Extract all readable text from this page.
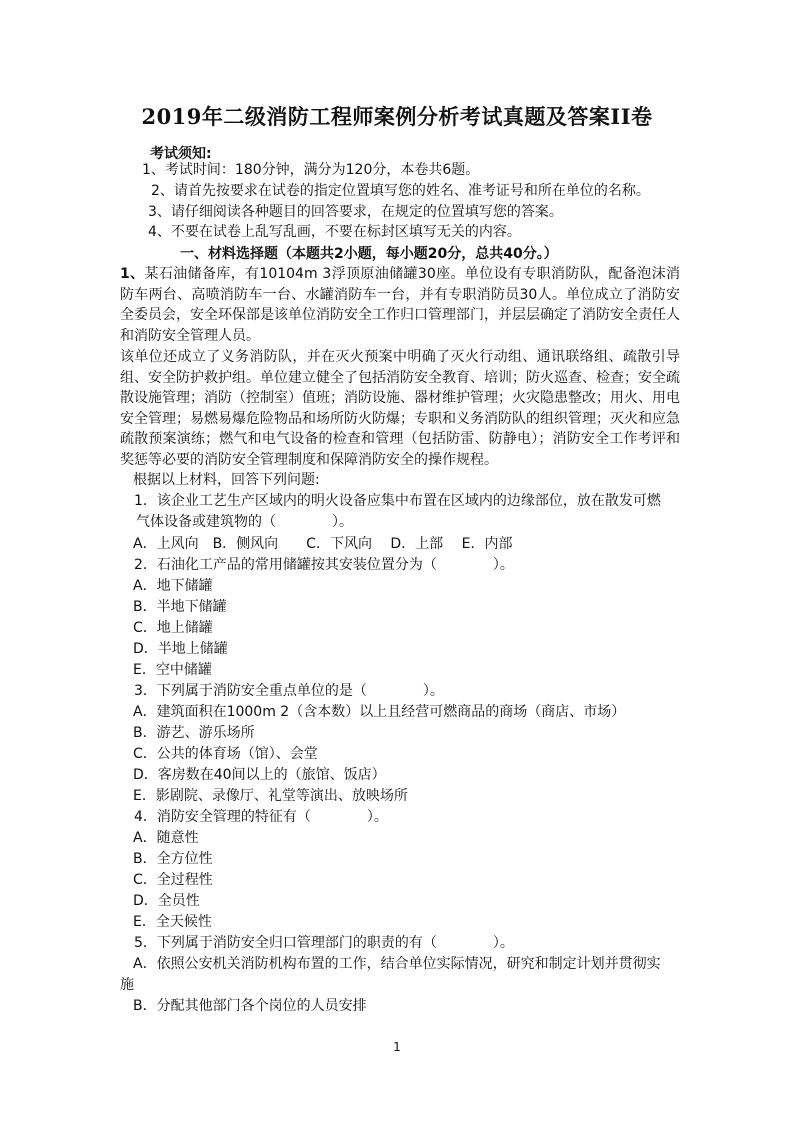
2019年二级消防工程师案例分析考试真题及答案II卷
考试须知:
1、考试时间：180分钟，满分为120分，本卷共6题。
2、请首先按要求在试卷的指定位置填写您的姓名、准考证号和所在单位的名称。
3、请仔细阅读各种题目的回答要求，在规定的位置填写您的答案。
4、不要在试卷上乱写乱画，不要在标封区填写无关的内容。
一、材料选择题（本题共2小题，每小题20分，总共40分。）
1、某石油储备库，有10104m 3浮顶原油储罐30座。单位设有专职消防队，配备泡沫消防车两台、高喷消防车一台、水罐消防车一台，并有专职消防员30人。单位成立了消防安全委员会，安全环保部是该单位消防安全工作归口管理部门，并层层确定了消防安全责任人和消防安全管理人员。
该单位还成立了义务消防队，并在灭火预案中明确了灭火行动组、通讯联络组、疏散引导组、安全防护救护组。单位建立健全了包括消防安全教育、培训；防火巡查、检查；安全疏散设施管理；消防（控制室）值班；消防设施、器材维护管理；火灾隐患整改；用火、用电安全管理；易燃易爆危险物品和场所防火防爆；专职和义务消防队的组织管理；灭火和应急疏散预案演练；燃气和电气设备的检查和管理（包括防雷、防静电）；消防安全工作考评和奖惩等必要的消防安全管理制度和保障消防安全的操作规程。
根据以上材料，回答下列问题:
1．该企业工艺生产区域内的明火设备应集中布置在区域内的边缘部位，放在散发可燃
气体设备或建筑物的（　　　　）。
A．上风向　B．侧风向　　C．下风向　 D．上部　 E．内部
2．石油化工产品的常用储罐按其安装位置分为（　　　　）。
A．地下储罐
B．半地下储罐
C．地上储罐
D．半地上储罐
E．空中储罐
3．下列属于消防安全重点单位的是（　　　　）。
A．建筑面积在1000m 2（含本数）以上且经营可燃商品的商场（商店、市场）
B．游艺、游乐场所
C．公共的体育场（馆）、会堂
D．客房数在40间以上的（旅馆、饭店）
E．影剧院、录像厅、礼堂等演出、放映场所
4．消防安全管理的特征有（　　　　）。
A．随意性
B．全方位性
C．全过程性
D．全员性
E．全天候性
5．下列属于消防安全归口管理部门的职责的有（　　　　）。
A．依照公安机关消防机构布置的工作，结合单位实际情况，研究和制定计划并贯彻实
施
B．分配其他部门各个岗位的人员安排
1
